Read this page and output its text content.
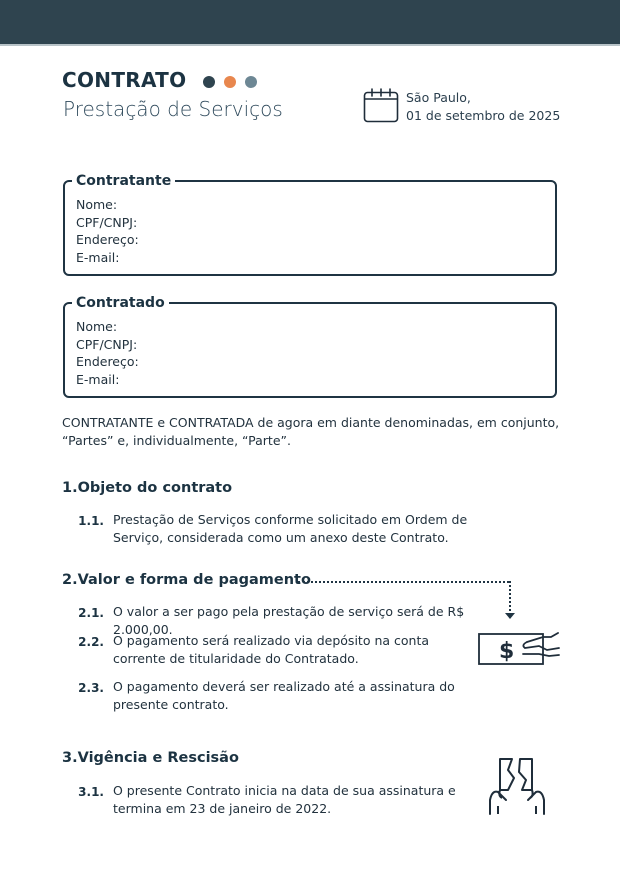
CONTRATO
Prestação de Serviços	São Paulo,
01 de setembro de 2025
Contratante
Nome:
CPF/CNPJ:
Endereço:
E-mail:
Contratado
Nome:
CPF/CNPJ:
Endereço:
E-mail:
CONTRATANTE e CONTRATADA de agora em diante denominadas, em conjunto, “Partes” e, individualmente, “Parte”.
1.Objeto do contrato
1.1. Prestação de Serviços conforme solicitado em Ordem de Serviço, considerada como um anexo deste Contrato.
2.Valor e forma de pagamento
2.1. O valor a ser pago pela prestação de serviço será de R$ 2.000,00.
2.2. O pagamento será realizado via depósito na conta corrente de titularidade do Contratado.
2.3. O pagamento deverá ser realizado até a assinatura do presente contrato.
$
3.Vigência e Rescisão
3.1. O presente Contrato inicia na data de sua assinatura e termina em 23 de janeiro de 2022.
